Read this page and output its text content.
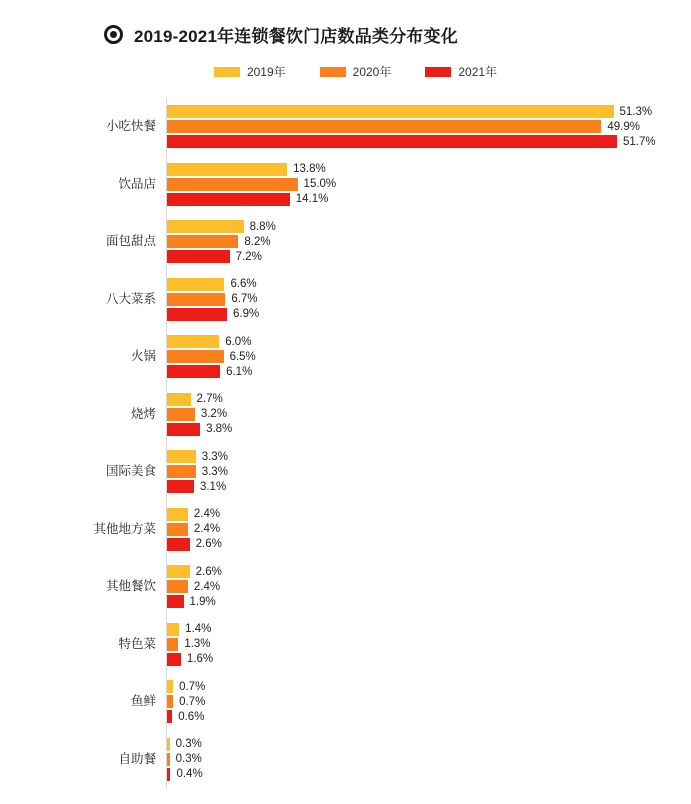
2019-2021年连锁餐饮门店数品类分布变化
2019年	2020年	2021年
小吃快餐
51.3%
49.9%
51.7%
饮品店
13.8%
15.0%
14.1%
面包甜点
8.8%
8.2%
7.2%
八大菜系
6.6%
6.7%
6.9%
火锅
6.0%
6.5%
6.1%
烧烤
2.7%
3.2%
3.8%
国际美食
3.3%
3.3%
3.1%
其他地方菜
2.4%
2.4%
2.6%
其他餐饮
2.6%
2.4%
1.9%
特色菜
1.4%
1.3%
1.6%
鱼鲜
0.7%
0.7%
0.6%
自助餐
0.3%
0.3%
0.4%
